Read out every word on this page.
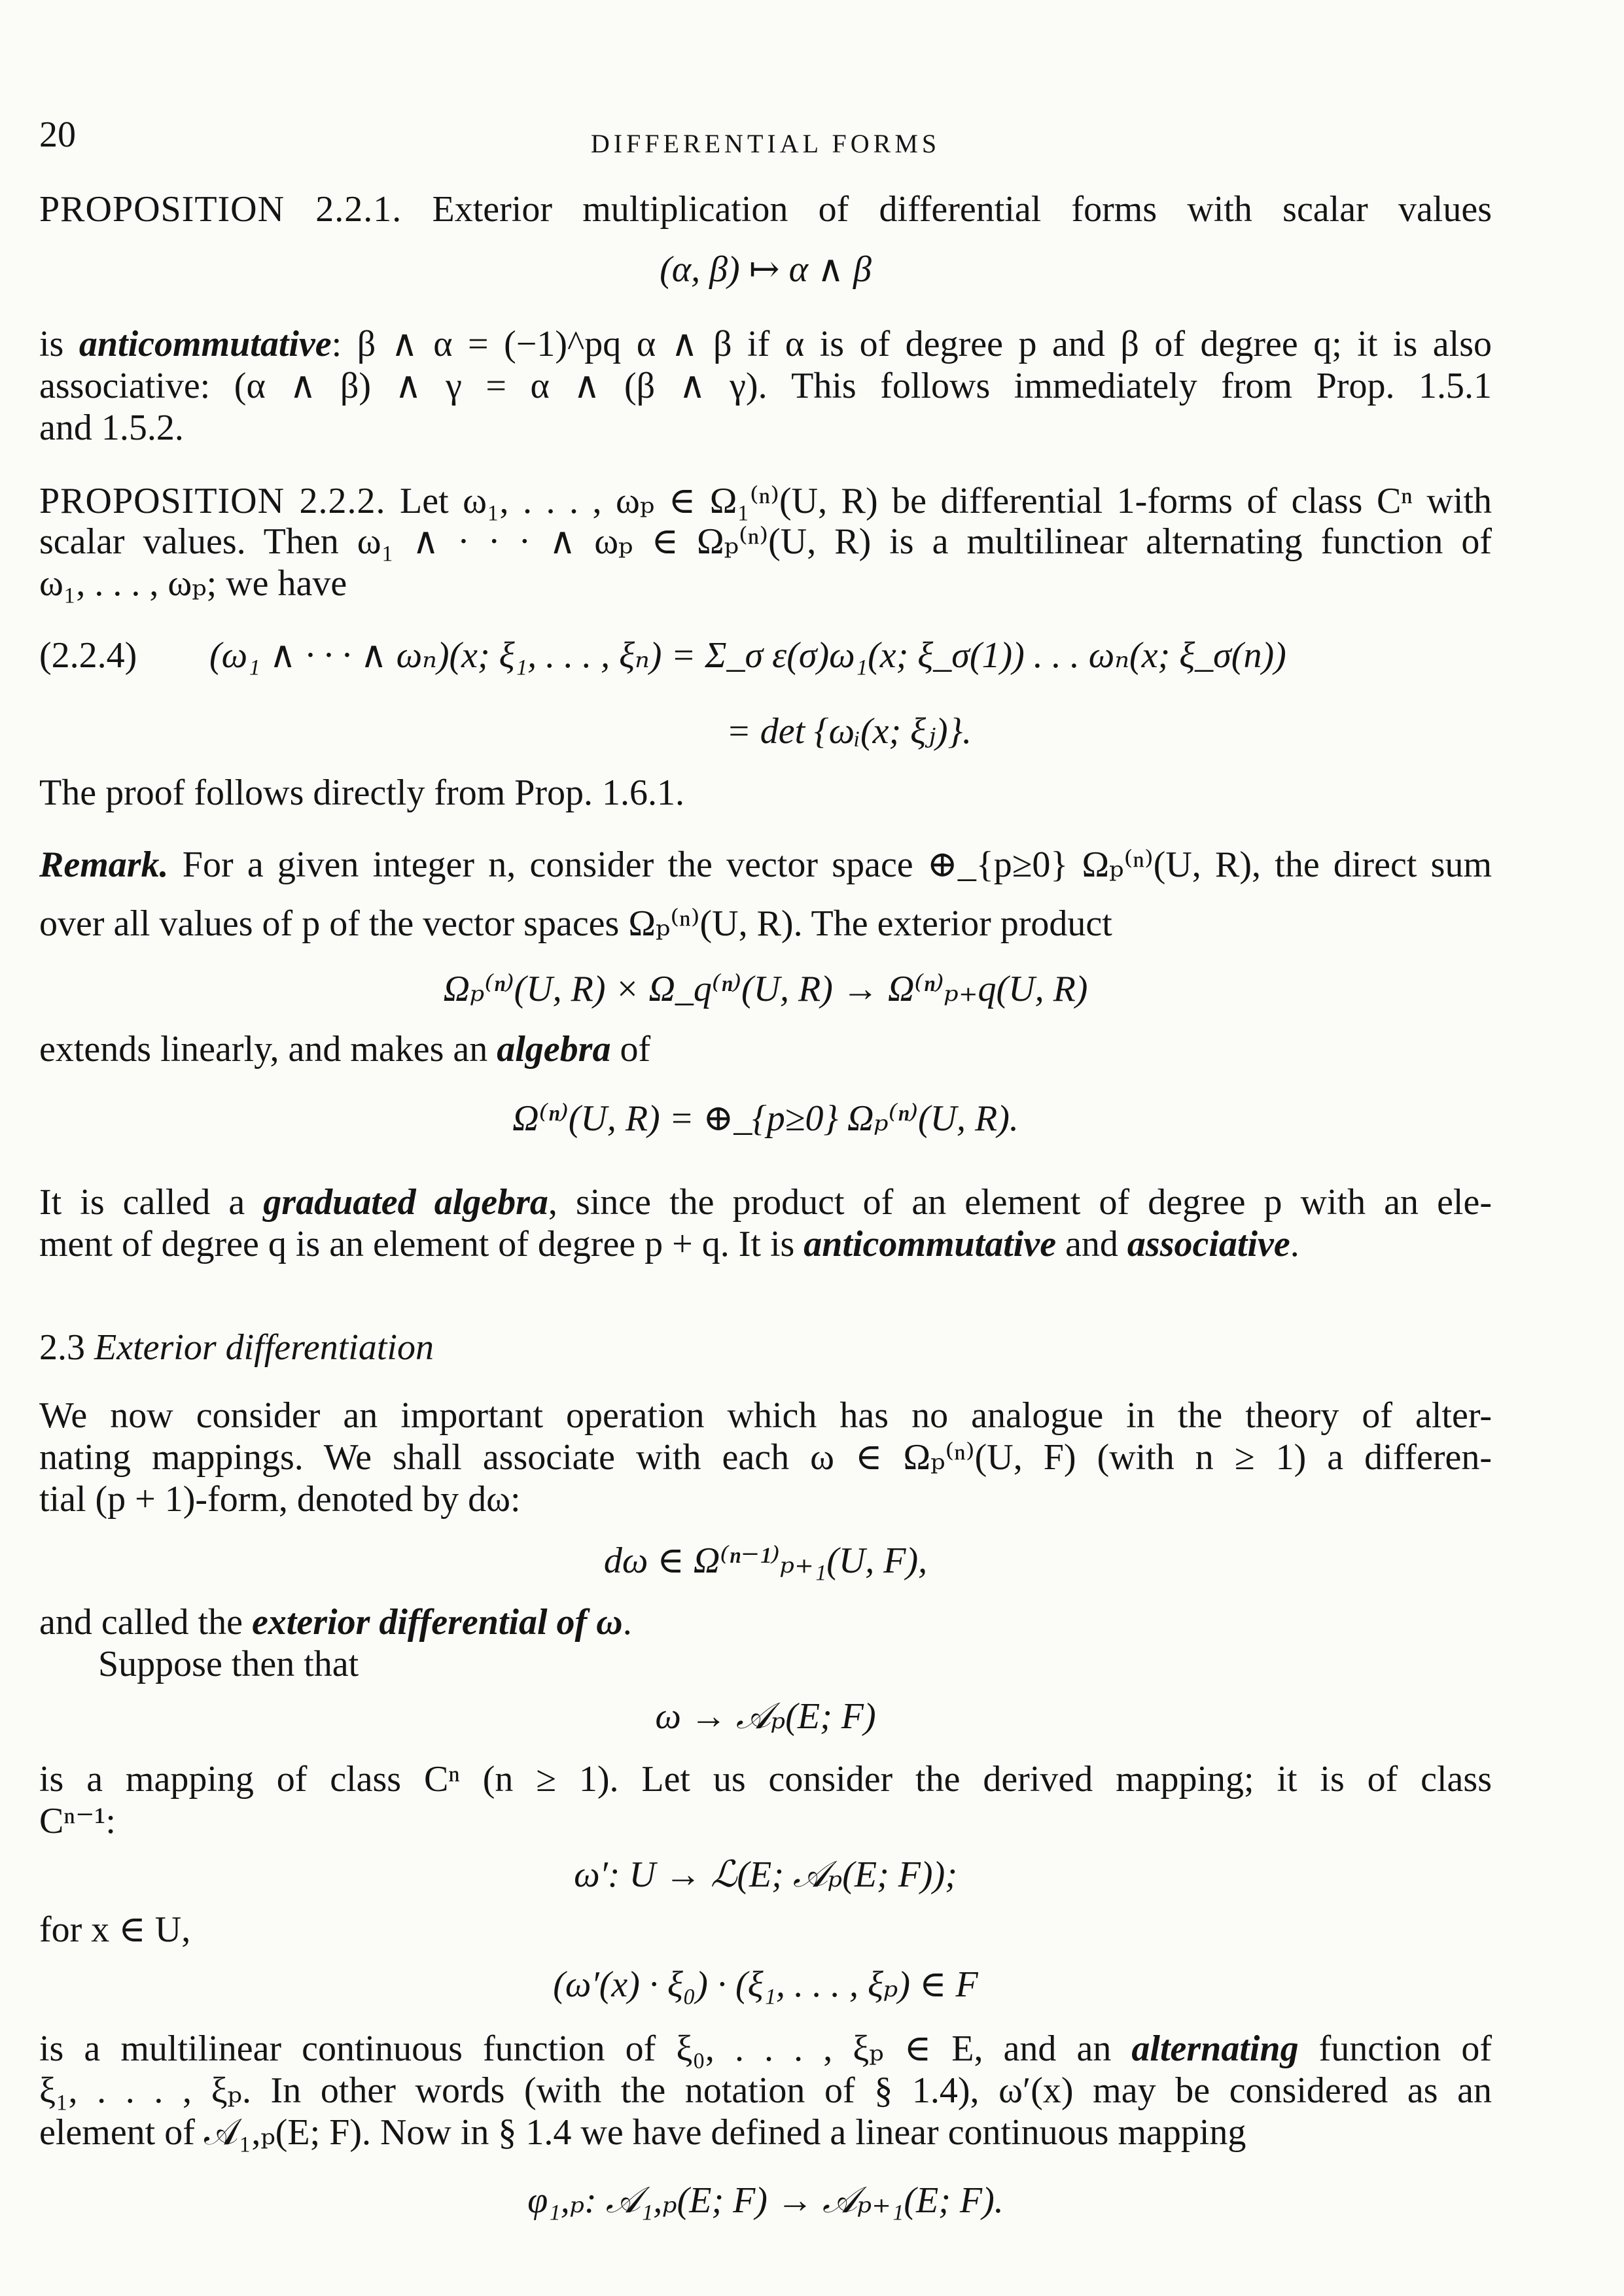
20	DIFFERENTIAL FORMS
PROPOSITION 2.2.1. Exterior multiplication of differential forms with scalar values
(α, β) ↦ α ∧ β
is anticommutative: β ∧ α = (−1)^pq α ∧ β if α is of degree p and β of degree q; it is also
associative: (α ∧ β) ∧ γ = α ∧ (β ∧ γ). This follows immediately from Prop. 1.5.1
and 1.5.2.
PROPOSITION 2.2.2. Let ω₁, . . . , ωₚ ∈ Ω₁⁽ⁿ⁾(U, R) be differential 1-forms of class Cⁿ with
scalar values. Then ω₁ ∧ · · · ∧ ωₚ ∈ Ωₚ⁽ⁿ⁾(U, R) is a multilinear alternating function of
ω₁, . . . , ωₚ; we have
(2.2.4)	(ω₁ ∧ · · · ∧ ωₙ)(x; ξ₁, . . . , ξₙ) = Σ_σ ε(σ)ω₁(x; ξ_σ(1)) . . . ωₙ(x; ξ_σ(n))
= det {ωᵢ(x; ξⱼ)}.
The proof follows directly from Prop. 1.6.1.
Remark. For a given integer n, consider the vector space ⊕_{p≥0} Ωₚ⁽ⁿ⁾(U, R), the direct sum
over all values of p of the vector spaces Ωₚ⁽ⁿ⁾(U, R). The exterior product
Ωₚ⁽ⁿ⁾(U, R) × Ω_q⁽ⁿ⁾(U, R) → Ω⁽ⁿ⁾ₚ₊q(U, R)
extends linearly, and makes an algebra of
Ω⁽ⁿ⁾(U, R) = ⊕_{p≥0} Ωₚ⁽ⁿ⁾(U, R).
It is called a graduated algebra, since the product of an element of degree p with an ele-
ment of degree q is an element of degree p + q. It is anticommutative and associative.
2.3 Exterior differentiation
We now consider an important operation which has no analogue in the theory of alter-
nating mappings. We shall associate with each ω ∈ Ωₚ⁽ⁿ⁾(U, F) (with n ≥ 1) a differen-
tial (p + 1)-form, denoted by dω:
dω ∈ Ω⁽ⁿ⁻¹⁾ₚ₊₁(U, F),
and called the exterior differential of ω.
Suppose then that
ω → 𝒜ₚ(E; F)
is a mapping of class Cⁿ (n ≥ 1). Let us consider the derived mapping; it is of class
Cⁿ⁻¹:
ω′: U → ℒ(E; 𝒜ₚ(E; F));
for x ∈ U,
(ω′(x) · ξ₀) · (ξ₁, . . . , ξₚ) ∈ F
is a multilinear continuous function of ξ₀, . . . , ξₚ ∈ E, and an alternating function of
ξ₁, . . . , ξₚ. In other words (with the notation of § 1.4), ω′(x) may be considered as an
element of 𝒜₁,ₚ(E; F). Now in § 1.4 we have defined a linear continuous mapping
φ₁,ₚ: 𝒜₁,ₚ(E; F) → 𝒜ₚ₊₁(E; F).
